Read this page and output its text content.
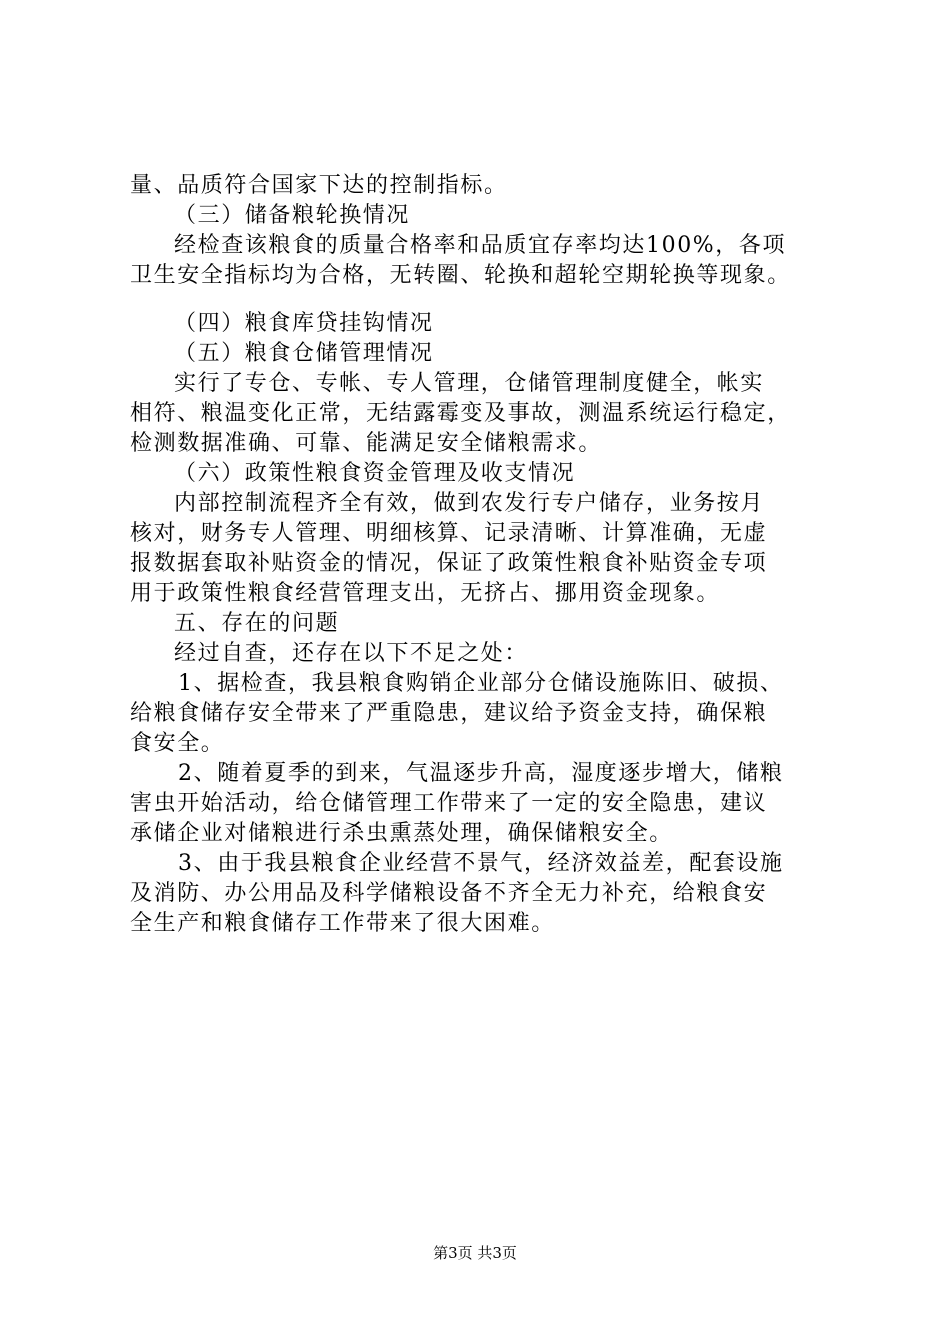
量、品质符合国家下达的控制指标。
（三）储备粮轮换情况
经检查该粮食的质量合格率和品质宜存率均达100%，各项
卫生安全指标均为合格，无转圈、轮换和超轮空期轮换等现象。
（四）粮食库贷挂钩情况
（五）粮食仓储管理情况
实行了专仓、专帐、专人管理，仓储管理制度健全，帐实
相符、粮温变化正常，无结露霉变及事故，测温系统运行稳定，
检测数据准确、可靠、能满足安全储粮需求。
（六）政策性粮食资金管理及收支情况
内部控制流程齐全有效，做到农发行专户储存，业务按月
核对，财务专人管理、明细核算、记录清晰、计算准确，无虚
报数据套取补贴资金的情况，保证了政策性粮食补贴资金专项
用于政策性粮食经营管理支出，无挤占、挪用资金现象。
五、存在的问题
经过自查，还存在以下不足之处：
1、据检查，我县粮食购销企业部分仓储设施陈旧、破损、
给粮食储存安全带来了严重隐患，建议给予资金支持，确保粮
食安全。
2、随着夏季的到来，气温逐步升高，湿度逐步增大，储粮
害虫开始活动，给仓储管理工作带来了一定的安全隐患，建议
承储企业对储粮进行杀虫熏蒸处理，确保储粮安全。
3、由于我县粮食企业经营不景气，经济效益差，配套设施
及消防、办公用品及科学储粮设备不齐全无力补充，给粮食安
全生产和粮食储存工作带来了很大困难。
第3页 共3页
